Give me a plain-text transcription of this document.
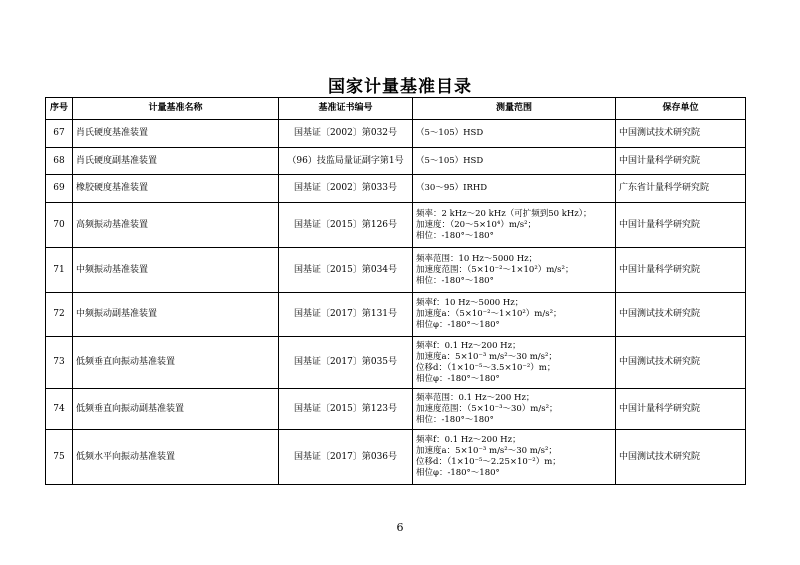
国家计量基准目录
序号	计量基准名称	基准证书编号	测量范围	保存单位
67	肖氏硬度基准装置	国基证〔2002〕第032号	（5～105）HSD	中国测试技术研究院
68	肖氏硬度副基准装置	（96）技监局量证副字第1号	（5～105）HSD	中国计量科学研究院
69	橡胶硬度基准装置	国基证〔2002〕第033号	（30～95）IRHD	广东省计量科学研究院
70	高频振动基准装置	国基证〔2015〕第126号	频率：2 kHz～20 kHz（可扩频到50 kHz）；
加速度：（20～5×10⁴）m/s²；
相位：-180°～180°	中国计量科学研究院
71	中频振动基准装置	国基证〔2015〕第034号	频率范围：10 Hz～5000 Hz；
加速度范围：（5×10⁻²～1×10²）m/s²；
相位：-180°～180°	中国计量科学研究院
72	中频振动副基准装置	国基证〔2017〕第131号	频率f：10 Hz～5000 Hz；
加速度a：（5×10⁻²～1×10²）m/s²；
相位φ：-180°～180°	中国测试技术研究院
73	低频垂直向振动基准装置	国基证〔2017〕第035号	频率f：0.1 Hz～200 Hz；
加速度a：5×10⁻³ m/s²～30 m/s²；
位移d：（1×10⁻⁵～3.5×10⁻²）m；
相位φ：-180°～180°	中国测试技术研究院
74	低频垂直向振动副基准装置	国基证〔2015〕第123号	频率范围：0.1 Hz～200 Hz；
加速度范围：（5×10⁻³～30）m/s²；
相位：-180°～180°	中国计量科学研究院
75	低频水平向振动基准装置	国基证〔2017〕第036号	频率f：0.1 Hz～200 Hz；
加速度a：5×10⁻³ m/s²～30 m/s²；
位移d：（1×10⁻⁵～2.25×10⁻²）m；
相位φ：-180°～180°	中国测试技术研究院
6
